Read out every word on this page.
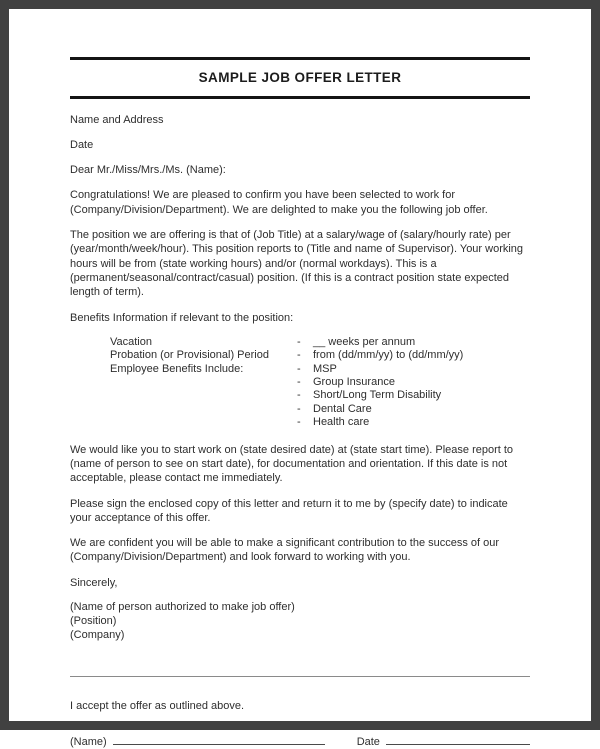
SAMPLE JOB OFFER LETTER

Name and Address

Date

Dear Mr./Miss/Mrs./Ms. (Name):

Congratulations! We are pleased to confirm you have been selected to work for (Company/Division/Department). We are delighted to make you the following job offer.

The position we are offering is that of (Job Title) at a salary/wage of (salary/hourly rate) per (year/month/week/hour). This position reports to (Title and name of Supervisor). Your working hours will be from (state working hours) and/or (normal workdays). This is a (permanent/seasonal/contract/casual) position. (If this is a contract position state expected length of term).

Benefits Information if relevant to the position:

Vacation	-	__ weeks per annum
Probation (or Provisional) Period	-	from (dd/mm/yy) to (dd/mm/yy)
Employee Benefits Include:	-	MSP
-	Group Insurance
-	Short/Long Term Disability
-	Dental Care
-	Health care

We would like you to start work on (state desired date) at (state start time). Please report to (name of person to see on start date), for documentation and orientation. If this date is not acceptable, please contact me immediately.

Please sign the enclosed copy of this letter and return it to me by (specify date) to indicate your acceptance of this offer.

We are confident you will be able to make a significant contribution to the success of our (Company/Division/Department) and look forward to working with you.

Sincerely,

(Name of person authorized to make job offer)

(Position)

(Company)

I accept the offer as outlined above.

(Name)	Date
